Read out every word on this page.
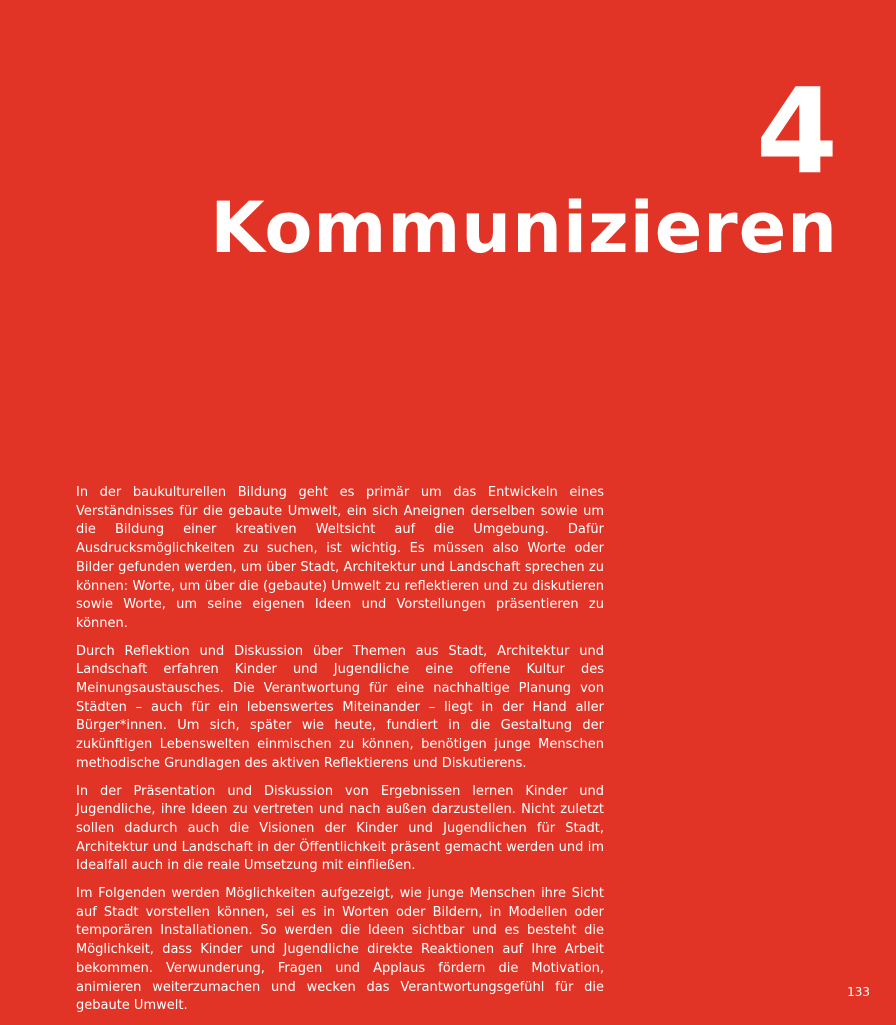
4
Kommunizieren

In der baukulturellen Bildung geht es primär um das Entwickeln eines Verständnisses für die gebaute Umwelt, ein sich Aneignen derselben sowie um die Bildung einer kreativen Weltsicht auf die Umgebung. Dafür Ausdrucksmöglichkeiten zu suchen, ist wichtig. Es müssen also Worte oder Bilder gefunden werden, um über Stadt, Architektur und Landschaft sprechen zu können: Worte, um über die (gebaute) Umwelt zu reflektieren und zu diskutieren sowie Worte, um seine eigenen Ideen und Vorstellungen präsentieren zu können.

Durch Reflektion und Diskussion über Themen aus Stadt, Architektur und Landschaft erfahren Kinder und Jugendliche eine offene Kultur des Meinungsaustausches. Die Verantwortung für eine nachhaltige Planung von Städten – auch für ein lebenswertes Miteinander – liegt in der Hand aller Bürger*innen. Um sich, später wie heute, fundiert in die Gestaltung der zukünftigen Lebenswelten einmischen zu können, benötigen junge Menschen methodische Grundlagen des aktiven Reflektierens und Diskutierens.

In der Präsentation und Diskussion von Ergebnissen lernen Kinder und Jugendliche, ihre Ideen zu vertreten und nach außen darzustellen. Nicht zuletzt sollen dadurch auch die Visionen der Kinder und Jugendlichen für Stadt, Architektur und Landschaft in der Öffentlichkeit präsent gemacht werden und im Idealfall auch in die reale Umsetzung mit einfließen.

Im Folgenden werden Möglichkeiten aufgezeigt, wie junge Menschen ihre Sicht auf Stadt vorstellen können, sei es in Worten oder Bildern, in Modellen oder temporären Installationen. So werden die Ideen sichtbar und es besteht die Möglichkeit, dass Kinder und Jugendliche direkte Reaktionen auf Ihre Arbeit bekommen. Verwunderung, Fragen und Applaus fördern die Motivation, animieren weiterzumachen und wecken das Verantwortungsgefühl für die gebaute Umwelt.

133
